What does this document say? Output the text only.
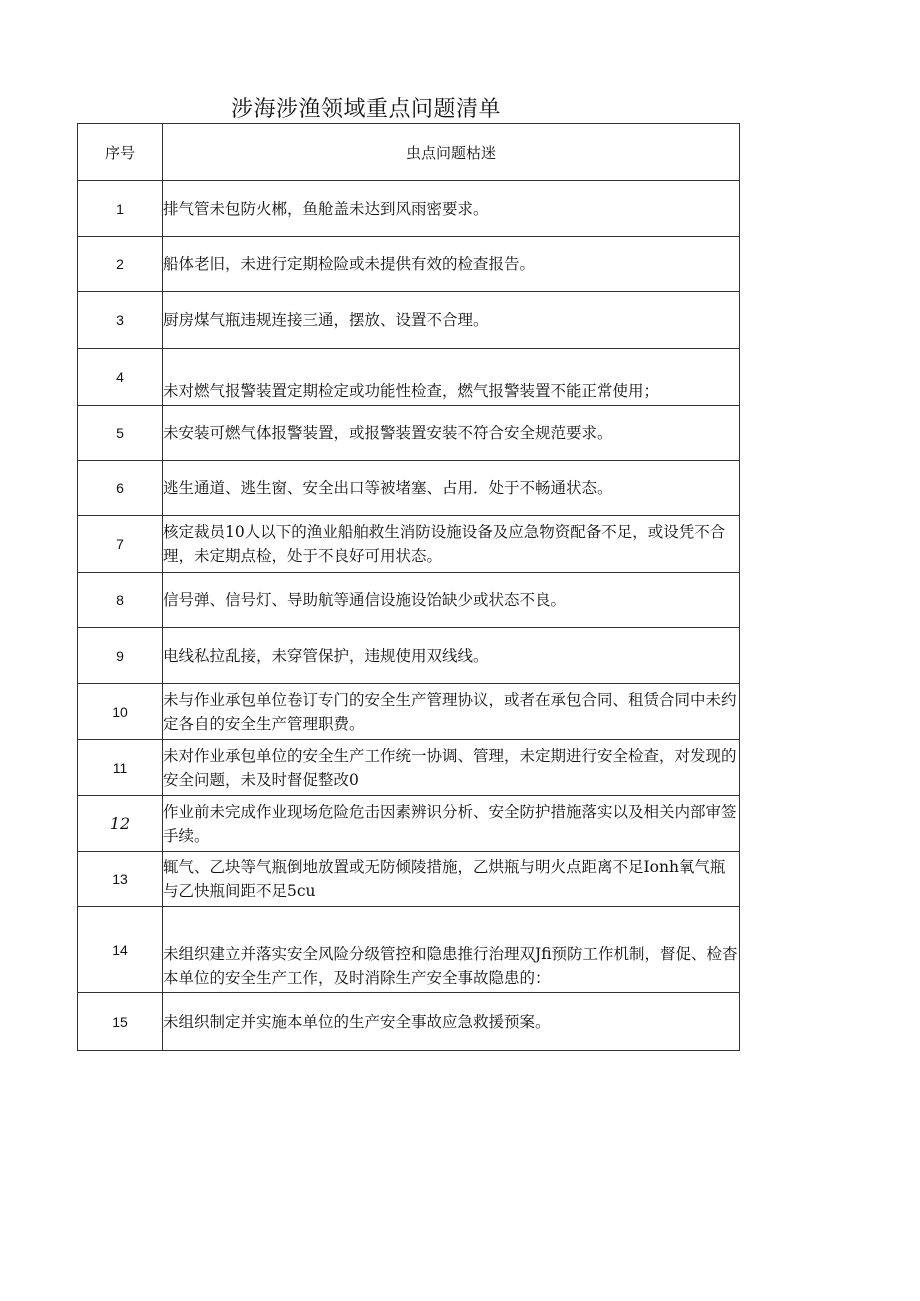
涉海涉渔领域重点问题清单
序号	虫点问题枯迷
1	排气管未包防火郴，鱼舱盖未达到风雨密要求。

2	船体老旧，未进行定期检险或未提供有效的检查报告。

3	厨房煤气瓶违规连接三通，摆放、设置不合理。

4	未对燃气报警装置定期检定或功能性检查，燃气报警装置不能正常使用；

5	未安装可燃气体报警装置，或报警装置安装不符合安全规范要求。

6	逃生通道、逃生窗、安全出口等被堵塞、占用．处于不畅通状态。

7	核定裁员10人以下的渔业船舶救生消防设施设备及应急物资配备不足，或设凭不合理，未定期点检，处于不良好可用状态。

8	信号弹、信号灯、导助航等通信设施设饴缺少或状态不良。

9	电线私拉乱接，未穿管保护，违规使用双线线。

10	未与作业承包单位卷订专门的安全生产管理协议，或者在承包合同、租赁合同中未约定各自的安全生产管理职费。

11	未对作业承包单位的安全生产工作统一协调、管理，未定期进行安全检查，对发现的安全问题，未及时督促整改0

12	作业前未完成作业现场危险危击因素辨识分析、安全防护措施落实以及相关内部审签手续。

13	辄气、乙块等气瓶倒地放置或无防倾陵措施，乙烘瓶与明火点距离不足Ionh氧气瓶与乙快瓶间距不足5cu

14	未组织建立并落实安全风险分级管控和隐患推行治理双Jfi预防工作机制，督促、检杳本单位的安全生产工作，及时消除生产安全事故隐患的：

15	未组织制定并实施本单位的生产安全事故应急救援预案。
